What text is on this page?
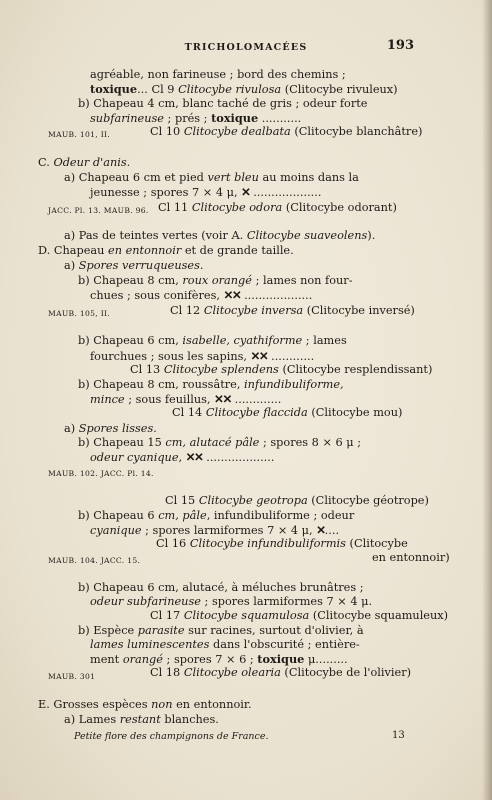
TRICHOLOMACÉES	193
agréable, non farineuse ; bord des chemins ;
toxique... Cl 9 Clitocybe rivulosa (Clitocybe rivuleux)
b) Chapeau 4 cm, blanc taché de gris ; odeur forte
subfarineuse ; prés ; toxique ...........
MAUB. 101, II.	Cl 10 Clitocybe dealbata (Clitocybe blanchâtre)
C. Odeur d'anis.
a) Chapeau 6 cm et pied vert bleu au moins dans la
jeunesse ; spores 7 × 4 μ, ✕ ...................
JACC. Pl. 13. MAUB. 96. Cl 11 Clitocybe odora (Clitocybe odorant)
a) Pas de teintes vertes (voir A. Clitocybe suaveolens).
D. Chapeau en entonnoir et de grande taille.
a) Spores verruqueuses.
b) Chapeau 8 cm, roux orangé ; lames non four-
chues ; sous conifères, ✕✕ ...................
MAUB. 105, II.	Cl 12 Clitocybe inversa (Clitocybe inversé)
b) Chapeau 6 cm, isabelle, cyathiforme ; lames
fourchues ; sous les sapins, ✕✕ ............
Cl 13 Clitocybe splendens (Clitocybe resplendissant)
b) Chapeau 8 cm, roussâtre, infundibuliforme,
mince ; sous feuillus, ✕✕ .............
Cl 14 Clitocybe flaccida (Clitocybe mou)
a) Spores lisses.
b) Chapeau 15 cm, alutacé pâle ; spores 8 × 6 μ ;
odeur cyanique, ✕✕ ...................
MAUB. 102. JACC. Pl. 14.
Cl 15 Clitocybe geotropa (Clitocybe géotrope)
b) Chapeau 6 cm, pâle, infundibuliforme ; odeur
cyanique ; spores larmiformes 7 × 4 μ, ✕....
Cl 16 Clitocybe infundibuliformis (Clitocybe
MAUB. 104. JACC. 15.	en entonnoir)
b) Chapeau 6 cm, alutacé, à méluches brunâtres ;
odeur subfarineuse ; spores larmiformes 7 × 4 μ.
Cl 17 Clitocybe squamulosa (Clitocybe squamuleux)
b) Espèce parasite sur racines, surtout d'olivier, à
lames luminescentes dans l'obscurité ; entière-
ment orangé ; spores 7 × 6 ; toxique μ.........
MAUB. 301	Cl 18 Clitocybe olearia (Clitocybe de l'olivier)
E. Grosses espèces non en entonnoir.
a) Lames restant blanches.
Petite flore des champignons de France.	13
